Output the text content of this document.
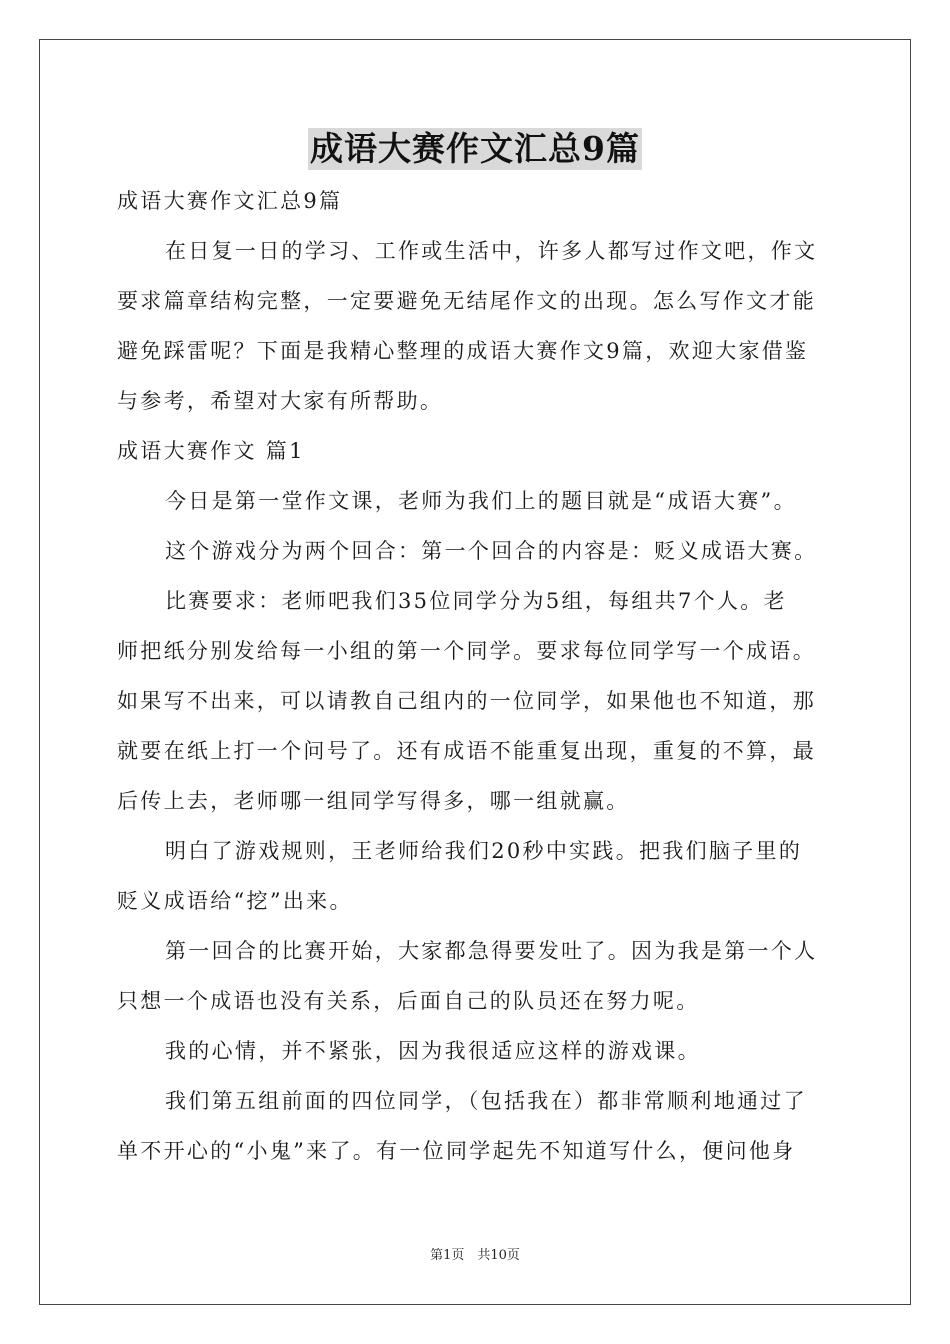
成语大赛作文汇总9篇
成语大赛作文汇总9篇
在日复一日的学习、工作或生活中，许多人都写过作文吧，作文
要求篇章结构完整，一定要避免无结尾作文的出现。怎么写作文才能
避免踩雷呢？下面是我精心整理的成语大赛作文9篇，欢迎大家借鉴
与参考，希望对大家有所帮助。
成语大赛作文 篇1
今日是第一堂作文课，老师为我们上的题目就是“成语大赛”。
这个游戏分为两个回合：第一个回合的内容是：贬义成语大赛。
比赛要求：老师吧我们35位同学分为5组，每组共7个人。老
师把纸分别发给每一小组的第一个同学。要求每位同学写一个成语。
如果写不出来，可以请教自己组内的一位同学，如果他也不知道，那
就要在纸上打一个问号了。还有成语不能重复出现，重复的不算，最
后传上去，老师哪一组同学写得多，哪一组就赢。
明白了游戏规则，王老师给我们20秒中实践。把我们脑子里的
贬义成语给“挖”出来。
第一回合的比赛开始，大家都急得要发吐了。因为我是第一个人
只想一个成语也没有关系，后面自己的队员还在努力呢。
我的心情，并不紧张，因为我很适应这样的游戏课。
我们第五组前面的四位同学，（包括我在）都非常顺利地通过了
单不开心的“小鬼”来了。有一位同学起先不知道写什么，便问他身
第1页　共10页
